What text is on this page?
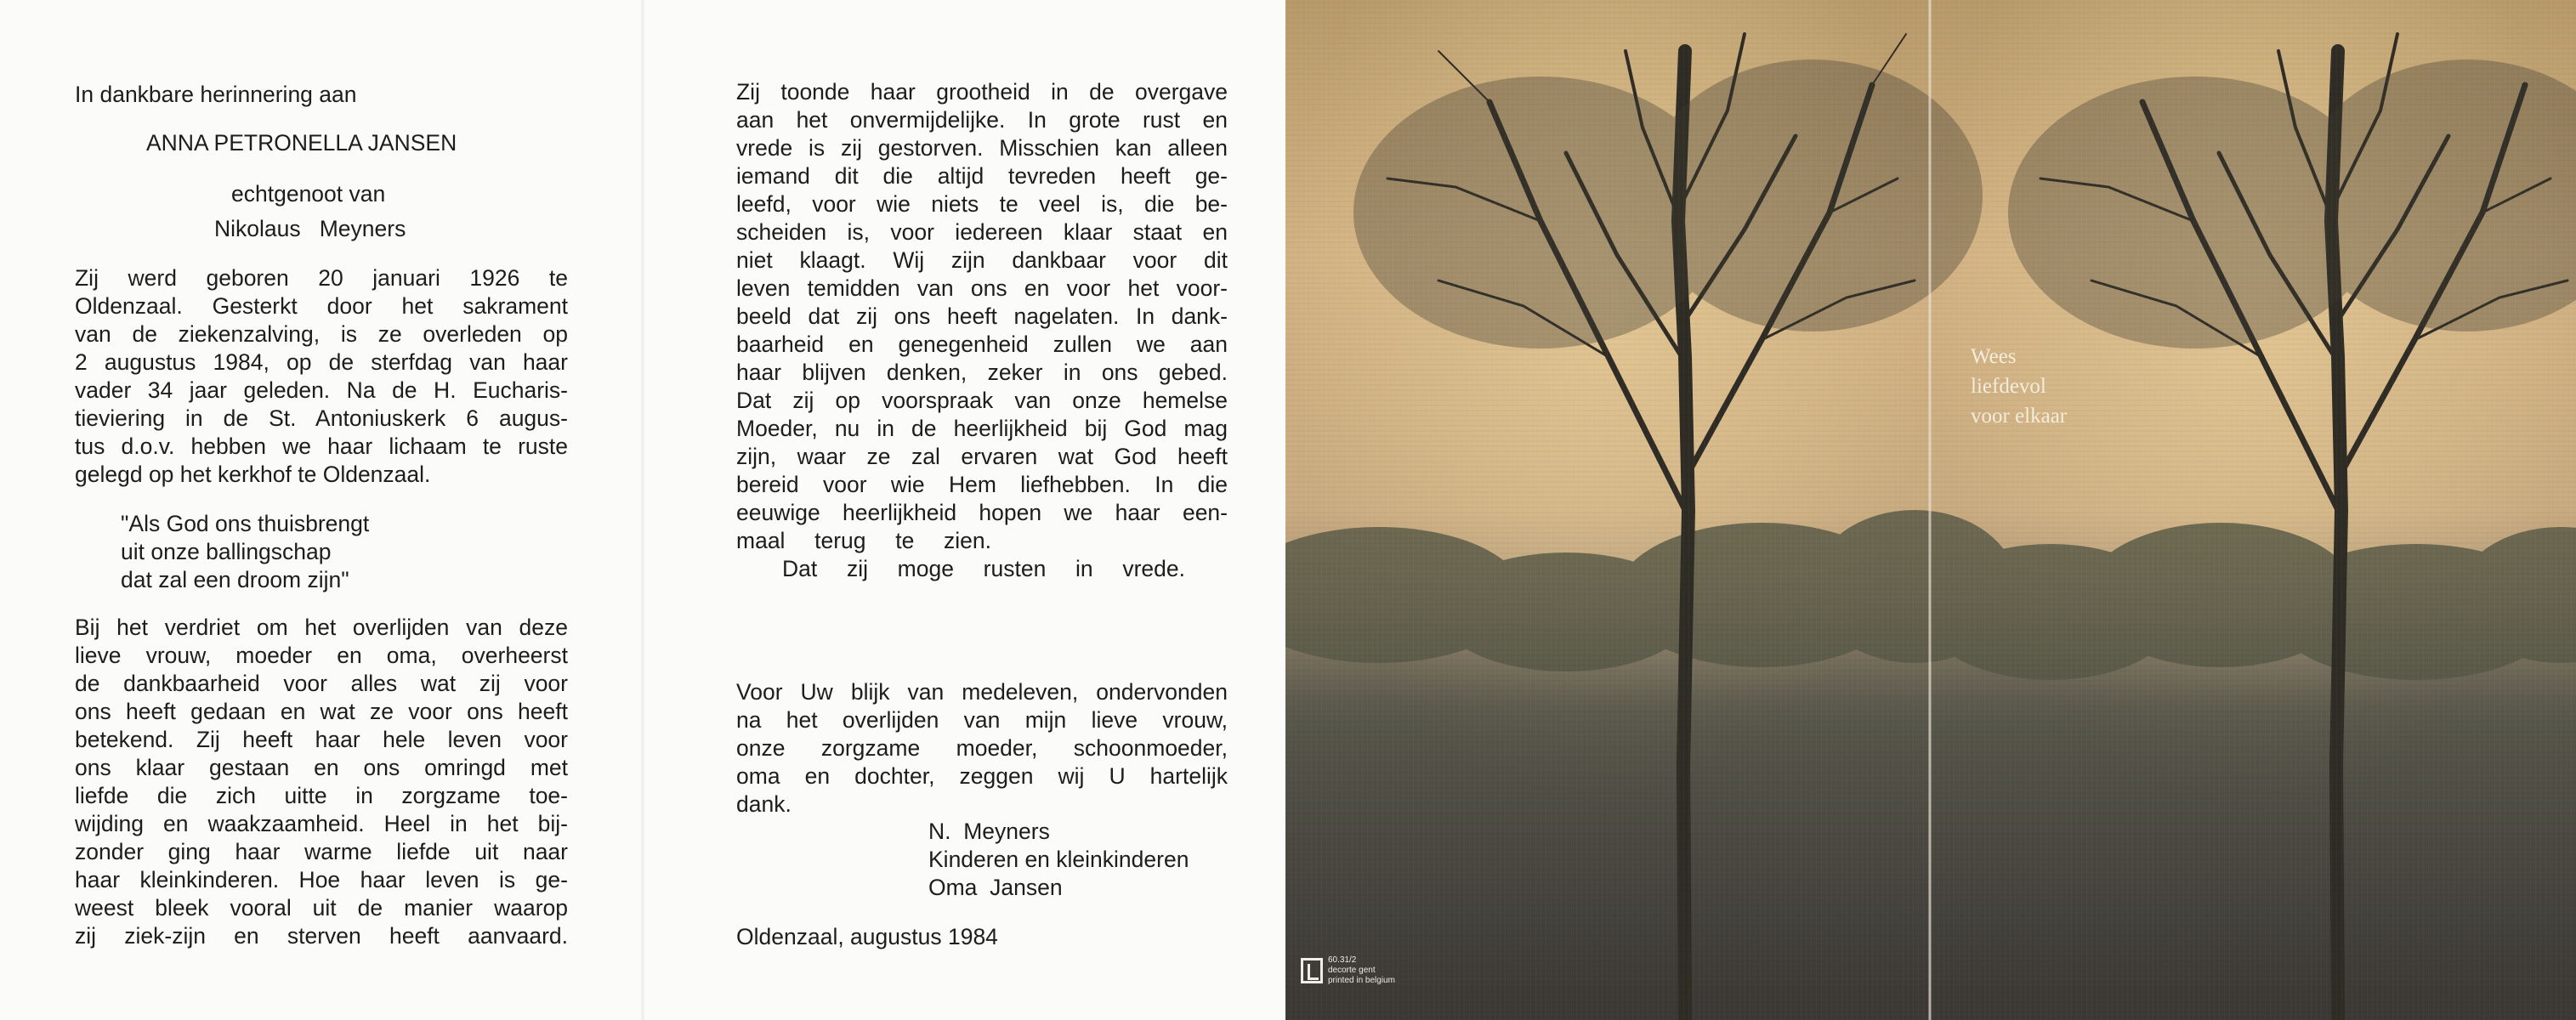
In dankbare herinnering aan
ANNA PETRONELLA JANSEN
echtgenoot van
Nikolaus   Meyners
Zij werd geboren 20 januari 1926 te
Oldenzaal. Gesterkt door het sakrament
van de ziekenzalving, is ze overleden op
2 augustus 1984, op de sterfdag van haar
vader 34 jaar geleden. Na de H. Eucharis-
tieviering in de St. Antoniuskerk 6 augus-
tus d.o.v. hebben we haar lichaam te ruste
gelegd op het kerkhof te Oldenzaal.
"Als God ons thuisbrengt
uit onze ballingschap
dat zal een droom zijn"
Bij het verdriet om het overlijden van deze
lieve vrouw, moeder en oma, overheerst
de dankbaarheid voor alles wat zij voor
ons heeft gedaan en wat ze voor ons heeft
betekend. Zij heeft haar hele leven voor
ons klaar gestaan en ons omringd met
liefde die zich uitte in zorgzame toe-
wijding en waakzaamheid. Heel in het bij-
zonder ging haar warme liefde uit naar
haar kleinkinderen. Hoe haar leven is ge-
weest bleek vooral uit de manier waarop
zij ziek-zijn en sterven heeft aanvaard.
Zij toonde haar grootheid in de overgave
aan het onvermijdelijke. In grote rust en
vrede is zij gestorven. Misschien kan alleen
iemand dit die altijd tevreden heeft ge-
leefd, voor wie niets te veel is, die be-
scheiden is, voor iedereen klaar staat en
niet klaagt. Wij zijn dankbaar voor dit
leven temidden van ons en voor het voor-
beeld dat zij ons heeft nagelaten. In dank-
baarheid en genegenheid zullen we aan
haar blijven denken, zeker in ons gebed.
Dat zij op voorspraak van onze hemelse
Moeder, nu in de heerlijkheid bij God mag
zijn, waar ze zal ervaren wat God heeft
bereid voor wie Hem liefhebben. In die
eeuwige heerlijkheid hopen we haar een-
maal terug te zien.
Dat zij moge rusten in vrede.
Voor Uw blijk van medeleven, ondervonden
na het overlijden van mijn lieve vrouw,
onze zorgzame moeder, schoonmoeder,
oma en dochter, zeggen wij U hartelijk
dank.
N.  Meyners
Kinderen en kleinkinderen
Oma  Jansen
Oldenzaal, augustus 1984
Wees
liefdevol
voor elkaar
60.31/2
decorte gent
printed in belgium
